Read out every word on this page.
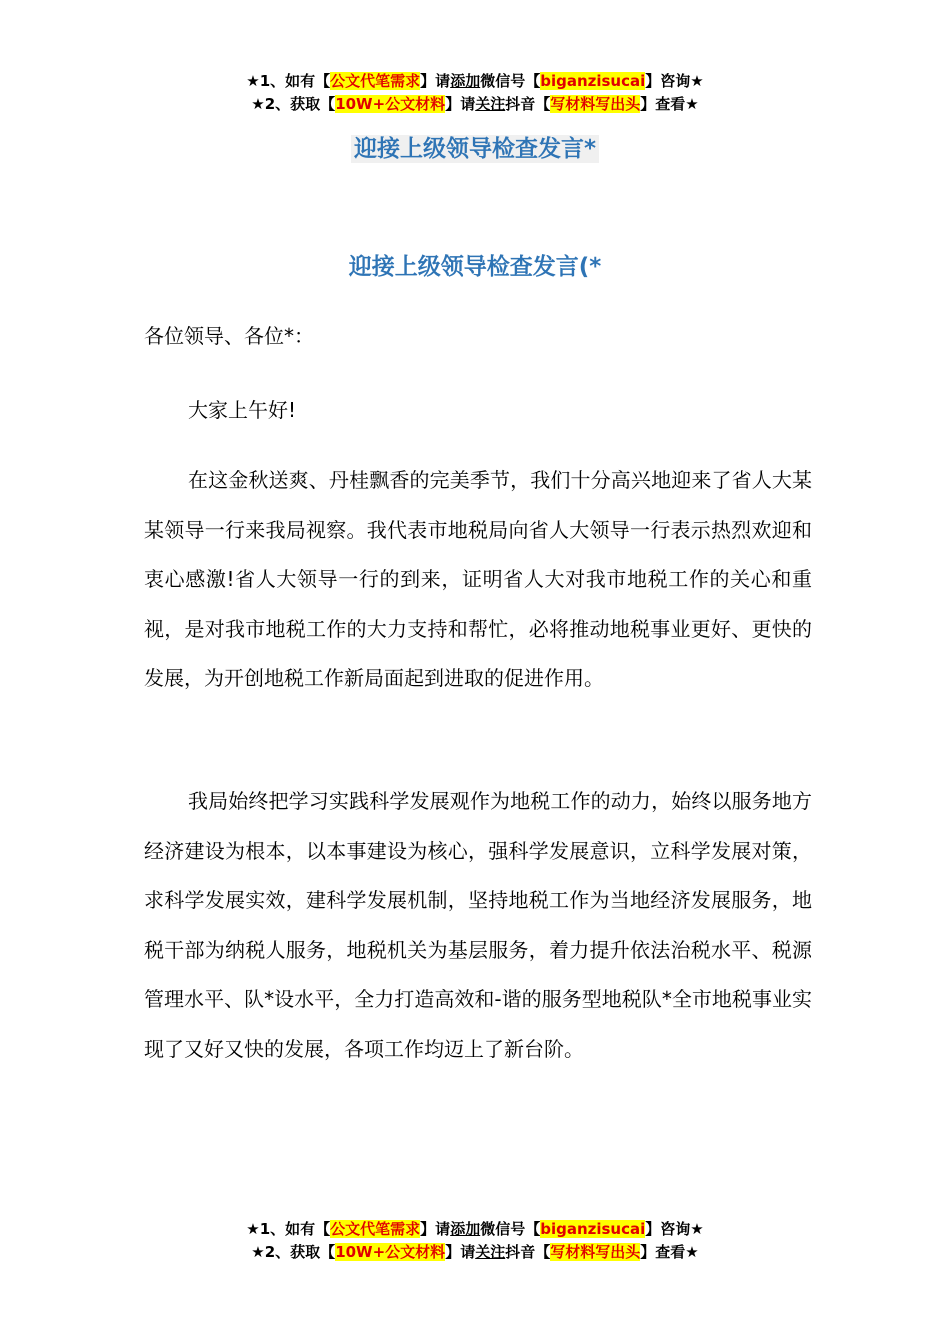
★1、如有【公文代笔需求】请添加微信号【biganzisucai】咨询★
★2、获取【10W+公文材料】请关注抖音【写材料写出头】查看★
迎接上级领导检查发言*
迎接上级领导检查发言(*
各位领导、各位*：
大家上午好!

在这金秋送爽、丹桂飘香的完美季节，我们十分高兴地迎来了省人大某某领导一行来我局视察。我代表市地税局向省人大领导一行表示热烈欢迎和衷心感激!省人大领导一行的到来，证明省人大对我市地税工作的关心和重视，是对我市地税工作的大力支持和帮忙，必将推动地税事业更好、更快的发展，为开创地税工作新局面起到进取的促进作用。

我局始终把学习实践科学发展观作为地税工作的动力，始终以服务地方经济建设为根本，以本事建设为核心，强科学发展意识，立科学发展对策，求科学发展实效，建科学发展机制，坚持地税工作为当地经济发展服务，地税干部为纳税人服务，地税机关为基层服务，着力提升依法治税水平、税源管理水平、队*设水平，全力打造高效和-谐的服务型地税队*全市地税事业实现了又好又快的发展，各项工作均迈上了新台阶。

★1、如有【公文代笔需求】请添加微信号【biganzisucai】咨询★
★2、获取【10W+公文材料】请关注抖音【写材料写出头】查看★
